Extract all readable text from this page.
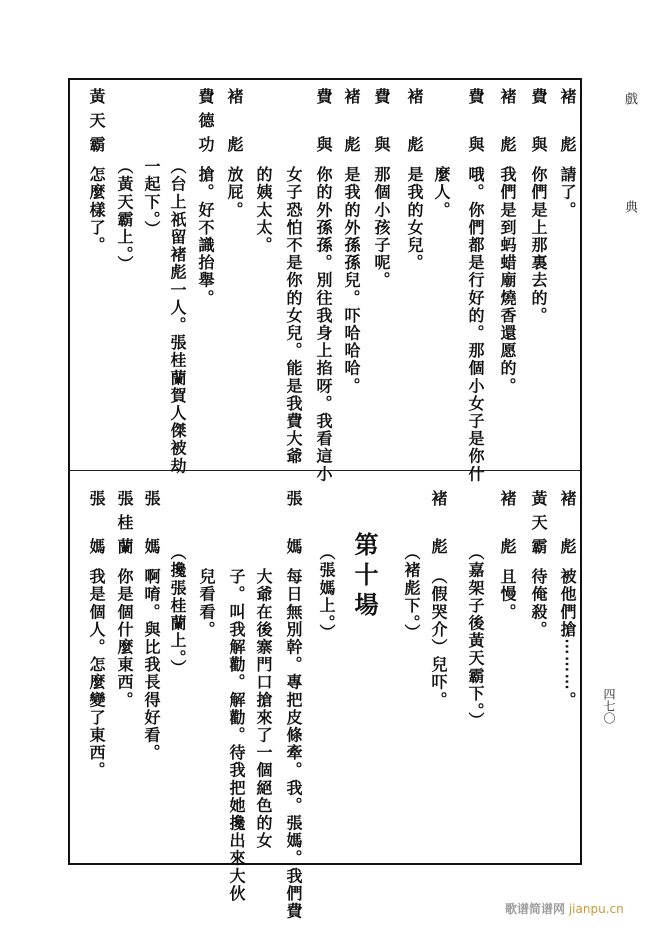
戲
典
四七〇
褚彪
請了。
費與
你們是上那裏去的。
褚彪
我們是到蚂蜡廟燒香還愿的。
費與
哦。你們都是行好的。那個小女子是你什
麼人。
褚彪
是我的女兒。
費與
那個小孩子呢。
褚彪
是我的外孫孫兒。吓哈哈哈。
費與
你的外孫孫。別往我身上掐呀。我看這小
女子恐怕不是你的女兒。能是我費大爺
的姨太太。
褚彪
放屁。
費德功
搶。好不識抬舉。
（台上祇留褚彪一人。張桂蘭賀人傑被劫
一起下。）
（黃天霸上。）
黃天霸
怎麼樣了。
褚彪
被他們搶⋯⋯⋯。
黃天霸
待俺殺。
褚彪
且慢。
（嘉架子後黃天霸下。）
褚彪
（假哭介）兒吓。
（褚彪下。）
第十場
（張媽上。）
張媽
每日無別幹。專把皮條牽。我。張媽。我們費
大爺在後寨門口搶來了一個絕色的女
子。叫我解勸。解勸。待我把她攙出來大伙
兒看看。
（攙張桂蘭上。）
張媽
啊唷。與比我長得好看。
張桂蘭
你是個什麼東西。
張媽
我是個人。怎麼變了東西。
歌谱简谱网 jianpu.cn
